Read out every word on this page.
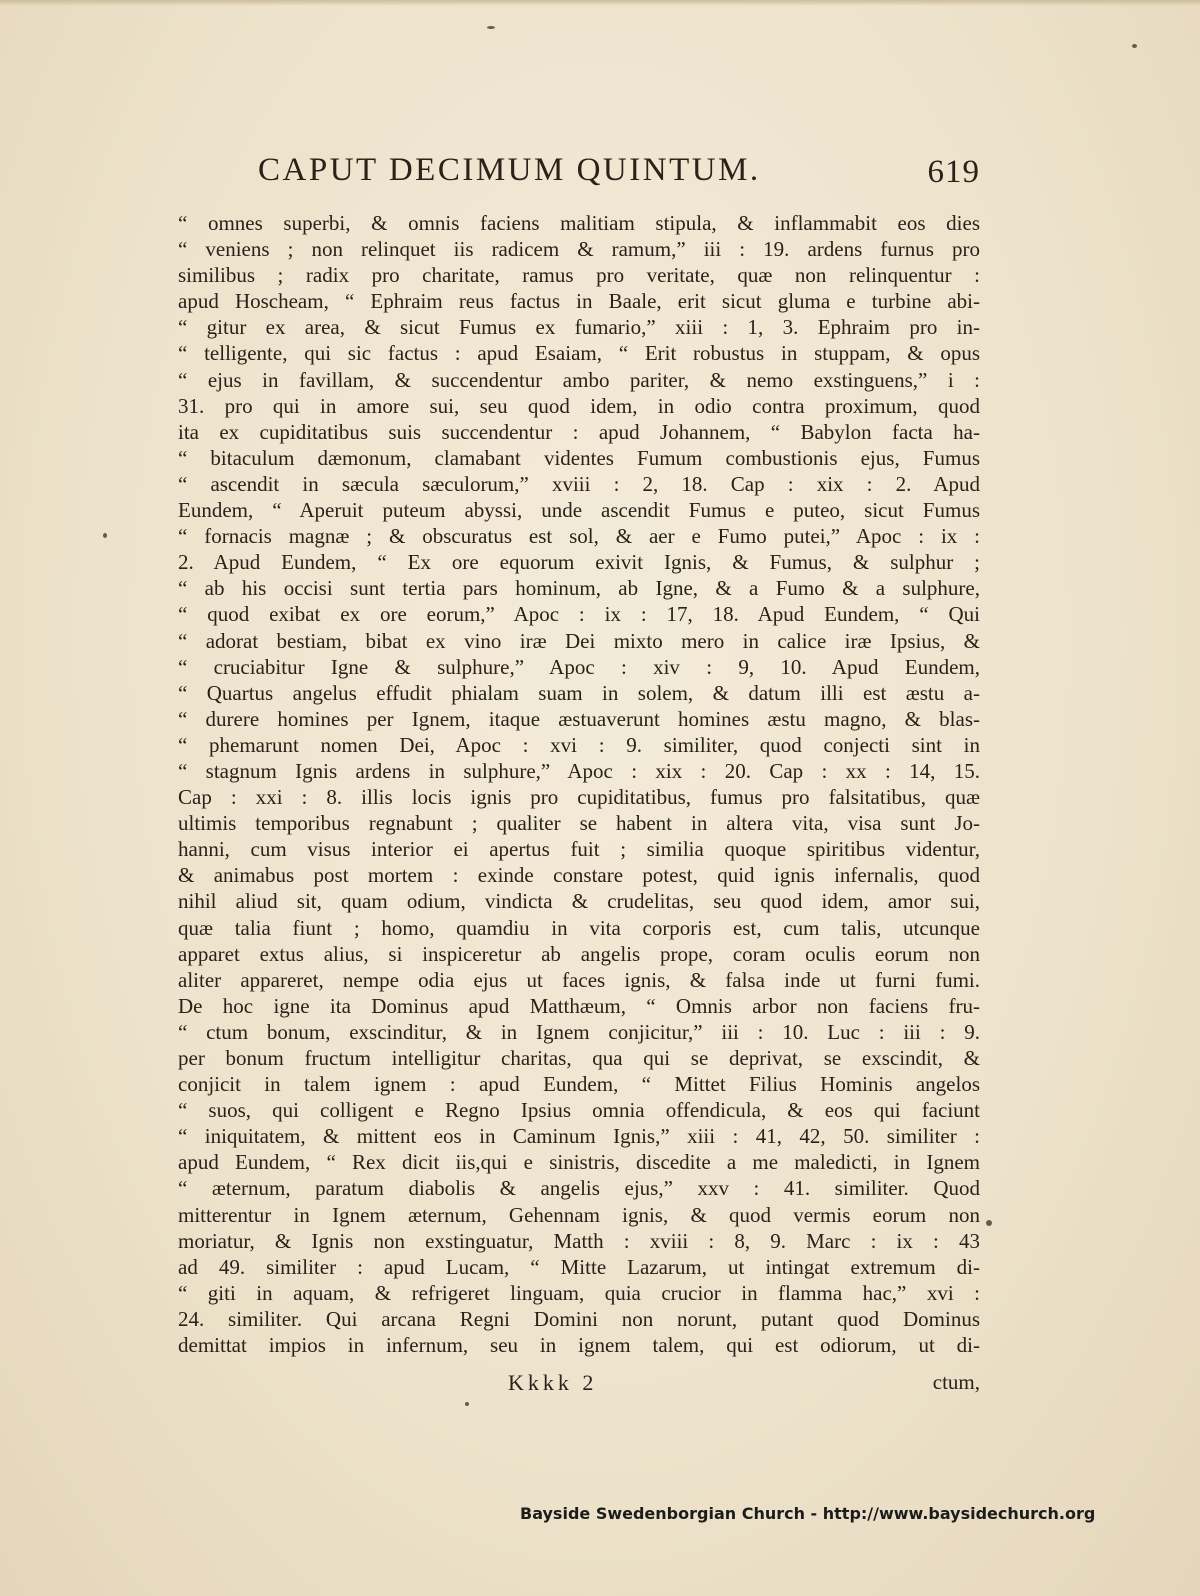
CAPUT DECIMUM QUINTUM.	619
“ omnes superbi, & omnis faciens malitiam stipula, & inflammabit eos dies
“ veniens ; non relinquet iis radicem & ramum,” iii : 19. ardens furnus pro
similibus ; radix pro charitate, ramus pro veritate, quæ non relinquentur :
apud Hoscheam, “ Ephraim reus factus in Baale, erit sicut gluma e turbine abi-
“ gitur ex area, & sicut Fumus ex fumario,” xiii : 1, 3. Ephraim pro in-
“ telligente, qui sic factus : apud Esaiam, “ Erit robustus in stuppam, & opus
“ ejus in favillam, & succendentur ambo pariter, & nemo exstinguens,” i :
31. pro qui in amore sui, seu quod idem, in odio contra proximum, quod
ita ex cupiditatibus suis succendentur : apud Johannem, “ Babylon facta ha-
“ bitaculum dæmonum, clamabant videntes Fumum combustionis ejus, Fumus
“ ascendit in sæcula sæculorum,” xviii : 2, 18. Cap : xix : 2. Apud
Eundem, “ Aperuit puteum abyssi, unde ascendit Fumus e puteo, sicut Fumus
“ fornacis magnæ ; & obscuratus est sol, & aer e Fumo putei,” Apoc : ix :
2. Apud Eundem, “ Ex ore equorum exivit Ignis, & Fumus, & sulphur ;
“ ab his occisi sunt tertia pars hominum, ab Igne, & a Fumo & a sulphure,
“ quod exibat ex ore eorum,” Apoc : ix : 17, 18. Apud Eundem, “ Qui
“ adorat bestiam, bibat ex vino iræ Dei mixto mero in calice iræ Ipsius, &
“ cruciabitur Igne & sulphure,” Apoc : xiv : 9, 10. Apud Eundem,
“ Quartus angelus effudit phialam suam in solem, & datum illi est æstu a-
“ durere homines per Ignem, itaque æstuaverunt homines æstu magno, & blas-
“ phemarunt nomen Dei, Apoc : xvi : 9. similiter, quod conjecti sint in
“ stagnum Ignis ardens in sulphure,” Apoc : xix : 20. Cap : xx : 14, 15.
Cap : xxi : 8. illis locis ignis pro cupiditatibus, fumus pro falsitatibus, quæ
ultimis temporibus regnabunt ; qualiter se habent in altera vita, visa sunt Jo-
hanni, cum visus interior ei apertus fuit ; similia quoque spiritibus videntur,
& animabus post mortem : exinde constare potest, quid ignis infernalis, quod
nihil aliud sit, quam odium, vindicta & crudelitas, seu quod idem, amor sui,
quæ talia fiunt ; homo, quamdiu in vita corporis est, cum talis, utcunque
apparet extus alius, si inspiceretur ab angelis prope, coram oculis eorum non
aliter appareret, nempe odia ejus ut faces ignis, & falsa inde ut furni fumi.
De hoc igne ita Dominus apud Matthæum, “ Omnis arbor non faciens fru-
“ ctum bonum, exscinditur, & in Ignem conjicitur,” iii : 10. Luc : iii : 9.
per bonum fructum intelligitur charitas, qua qui se deprivat, se exscindit, &
conjicit in talem ignem : apud Eundem, “ Mittet Filius Hominis angelos
“ suos, qui colligent e Regno Ipsius omnia offendicula, & eos qui faciunt
“ iniquitatem, & mittent eos in Caminum Ignis,” xiii : 41, 42, 50. similiter :
apud Eundem, “ Rex dicit iis,qui e sinistris, discedite a me maledicti, in Ignem
“ æternum, paratum diabolis & angelis ejus,” xxv : 41. similiter. Quod
mitterentur in Ignem æternum, Gehennam ignis, & quod vermis eorum non
moriatur, & Ignis non exstinguatur, Matth : xviii : 8, 9. Marc : ix : 43
ad 49. similiter : apud Lucam, “ Mitte Lazarum, ut intingat extremum di-
“ giti in aquam, & refrigeret linguam, quia crucior in flamma hac,” xvi :
24. similiter. Qui arcana Regni Domini non norunt, putant quod Dominus
demittat impios in infernum, seu in ignem talem, qui est odiorum, ut di-
Kkkk 2	ctum,
Bayside Swedenborgian Church - http://www.baysidechurch.org
